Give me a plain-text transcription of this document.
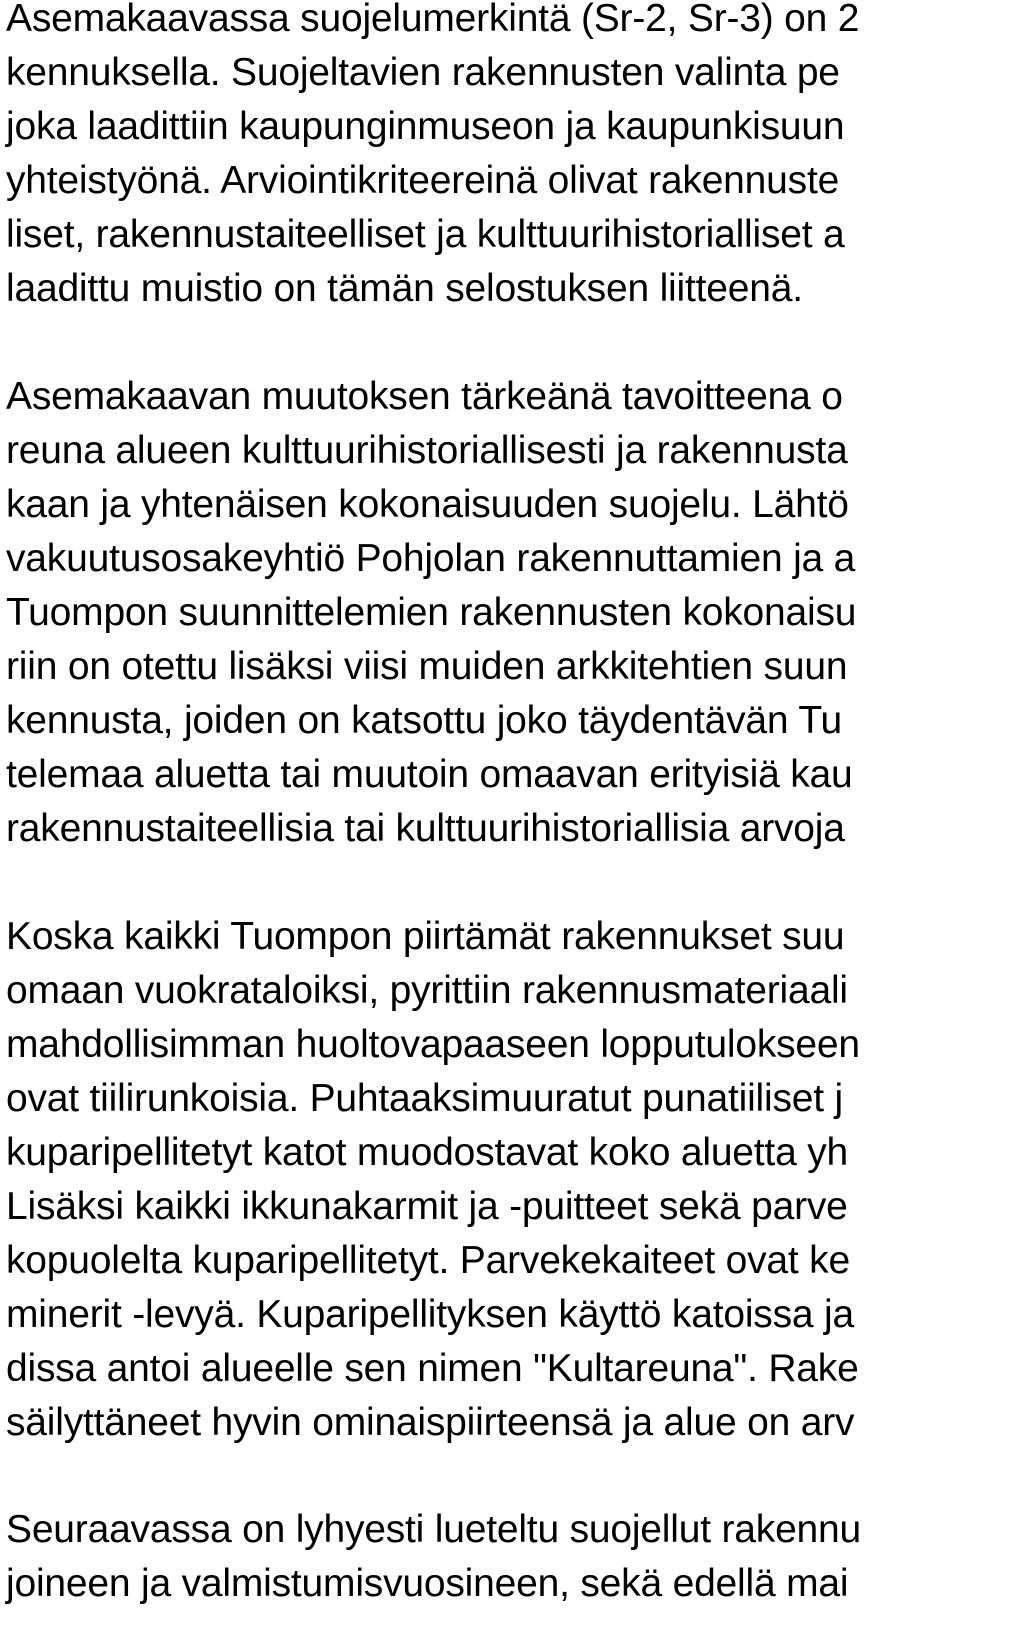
Asemakaavassa suojelumerkintä (Sr-2, Sr-3) on 2
kennuksella. Suojeltavien rakennusten valinta pe
joka laadittiin kaupunginmuseon ja kaupunkisuun
yhteistyönä. Arviointikriteereinä olivat rakennuste
liset, rakennustaiteelliset ja kulttuurihistorialliset a
laadittu muistio on tämän selostuksen liitteenä.

Asemakaavan muutoksen tärkeänä tavoitteena o
reuna alueen kulttuurihistoriallisesti ja rakennusta
kaan ja yhtenäisen kokonaisuuden suojelu. Lähtö
vakuutusosakeyhtiö Pohjolan rakennuttamien ja a
Tuompon suunnittelemien rakennusten kokonaisu
riin on otettu lisäksi viisi muiden arkkitehtien suun
kennusta, joiden on katsottu joko täydentävän Tu
telemaa aluetta tai muutoin omaavan erityisiä kau
rakennustaiteellisia tai kulttuurihistoriallisia arvoja

Koska kaikki Tuompon piirtämät rakennukset suu
omaan vuokrataloiksi, pyrittiin rakennusmateriaali
mahdollisimman huoltovapaaseen lopputulokseen
ovat tiilirunkoisia. Puhtaaksimuuratut punatiiliset j
kuparipellitetyt katot muodostavat koko aluetta yh
Lisäksi kaikki ikkunakarmit ja -puitteet sekä parve
kopuolelta kuparipellitetyt. Parvekekaiteet ovat ke
minerit -levyä. Kuparipellityksen käyttö katoissa ja
dissa antoi alueelle sen nimen "Kultareuna". Rake
säilyttäneet hyvin ominaispiirteensä ja alue on arv

Seuraavassa on lyhyesti lueteltu suojellut rakennu
joineen ja valmistumisvuosineen, sekä edellä mai
